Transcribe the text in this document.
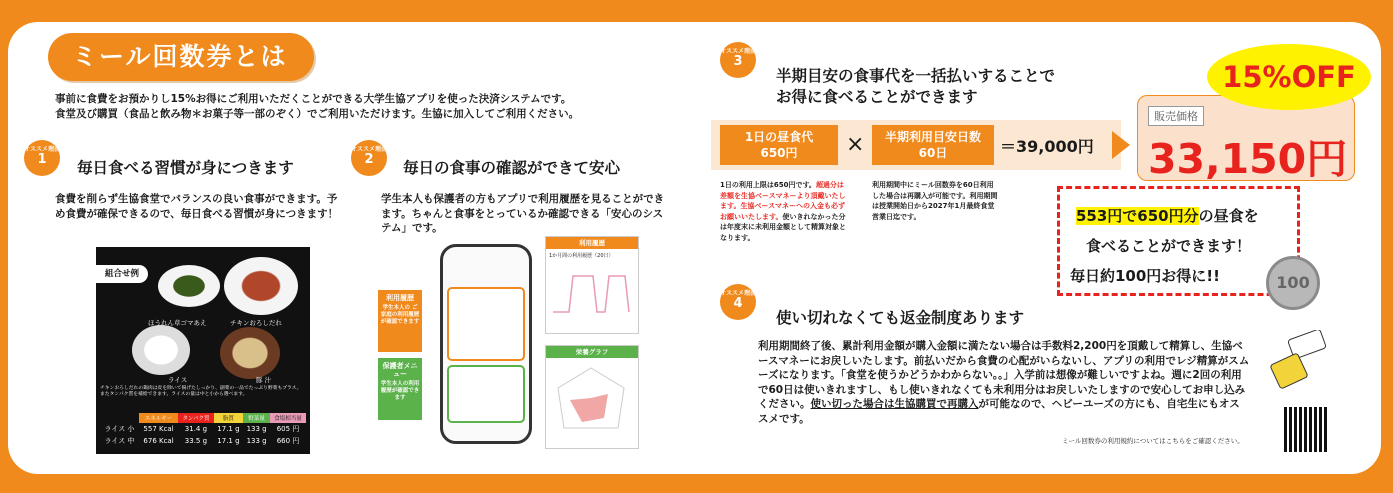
ミール回数券とは
事前に食費をお預かりし15%お得にご利用いただくことができる大学生協アプリを使った決済システムです。
食堂及び購買（食品と飲み物＊お菓子等一部のぞく）でご利用いただけます。生協に加入してご利用ください。
オススメ理由
1	毎日食べる習慣が身につきます
食費を削らず生協食堂でバランスの良い食事ができます。予め食費が確保できるので、毎日食べる習慣が身につきます！
組合せ例
ほうれん草ゴマあえ	チキンおろしだれ
ライス	豚 汁
チキンおろしだれの鶏肉は皮を除いて揚げたしっかり、副菜の一品でたっぷり野菜もプラス。またタンパク質を補給できます。ライスの量は中と小から選べます。
	エネルギー	タンパク質	脂質	野菜量	食塩相当量
ライス 小	557 Kcal	31.4 g	17.1 g	133 g	605 円
ライス 中	676 Kcal	33.5 g	17.1 g	133 g	660 円
オススメ理由
2	毎日の食事の確認ができて安心
学生本人も保護者の方もアプリで利用履歴を見ることができます。ちゃんと食事をとっているか確認できる「安心のシステム」です。
利用履歴
学生本人の ご家庭の利用履歴が確認できます
保護者メニュー
学生本人の利用履歴が確認できます
利用履歴
1か月間の利用履歴（20日）
栄養グラフ
オススメ理由
3
半期目安の食事代を一括払いすることで
お得に食べることができます
1日の昼食代
650円	×	半期利用目安日数
60日	＝39,000円
販売価格
33,150円
15%OFF
1日の利用上限は650円です。超過分は差額を生協ベースマネーより頂戴いたします。生協ベースマネーへの入金も必ずお願いいたします。使いきれなかった分は年度末に未利用金額として精算対象となります。
利用期間中にミール回数券を60日利用した場合は再購入が可能です。利用期間は授業開始日から2027年1月最終食堂営業日迄です。	553円で650円分の昼食を
食べることができます！
毎日約100円お得に!!	100
オススメ理由
4
使い切れなくても返金制度あります
利用期間終了後、累計利用金額が購入金額に満たない場合は手数料2,200円を頂戴して精算し、生協ベースマネーにお戻しいたします。前払いだから食費の心配がいらないし、アプリの利用でレジ精算がスムーズになります。「食堂を使うかどうかわからない。。」入学前は想像が難しいですよね。週に2回の利用で60日は使いきれますし、もし使いきれなくても未利用分はお戻しいたしますので安心してお申し込みください。使い切った場合は生協購買で再購入が可能なので、ヘビーユーズの方にも、自宅生にもオススメです。
ミール回数券の利用規約についてはこちらをご確認ください。
